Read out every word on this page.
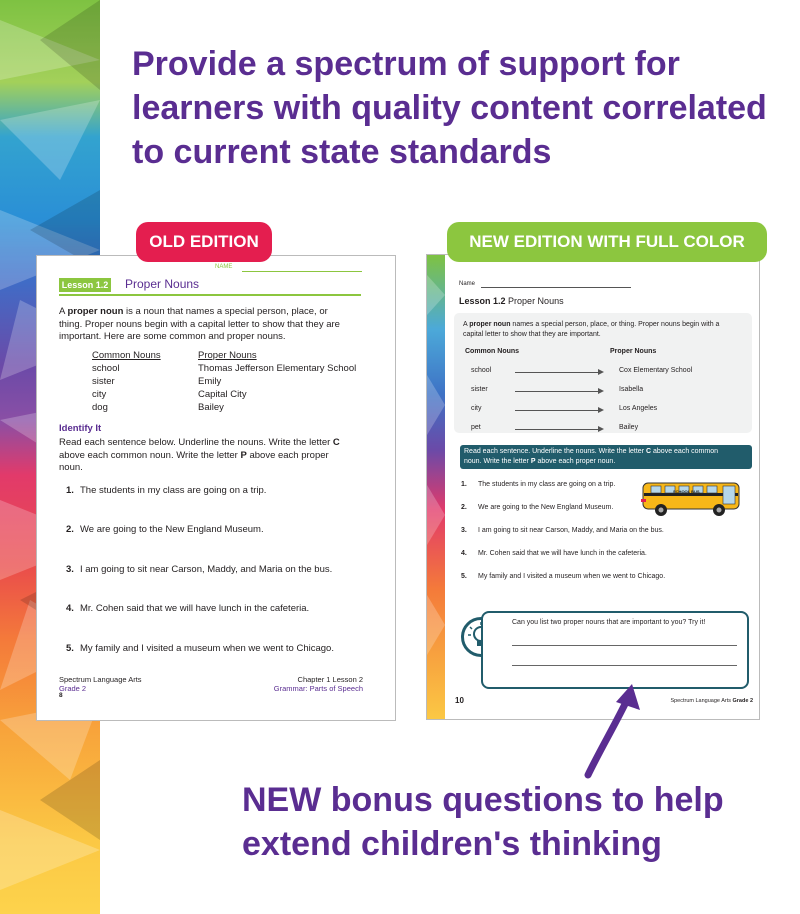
Provide a spectrum of support for learners with quality content correlated to current state standards
NAME
Lesson 1.2 Proper Nouns
A proper noun is a noun that names a special person, place, or
thing. Proper nouns begin with a capital letter to show that they are
important. Here are some common and proper nouns.
Common Nouns	Proper Nouns
school	Thomas Jefferson Elementary School
sister	Emily
city	Capital City
dog	Bailey
Identify It
Read each sentence below. Underline the nouns. Write the letter C
above each common noun. Write the letter P above each proper
noun.
1. The students in my class are going on a trip.
2. We are going to the New England Museum.
3. I am going to sit near Carson, Maddy, and Maria on the bus.
4. Mr. Cohen said that we will have lunch in the cafeteria.
5. My family and I visited a museum when we went to Chicago.
Spectrum Language Arts
Grade 2
8
Chapter 1 Lesson 2
Grammar: Parts of Speech
Name
Lesson 1.2 Proper Nouns
A proper noun names a special person, place, or thing. Proper nouns begin with a
capital letter to show that they are important.
Common Nouns	Proper Nouns
school	Cox Elementary School
sister	Isabella
city	Los Angeles
pet	Bailey
Read each sentence. Underline the nouns. Write the letter C above each common
noun. Write the letter P above each proper noun.
1. The students in my class are going on a trip.
2. We are going to the New England Museum.
3. I am going to sit near Carson, Maddy, and Maria on the bus.
4. Mr. Cohen said that we will have lunch in the cafeteria.
5. My family and I visited a museum when we went to Chicago.
SCHOOL BUS
Can you list two proper nouns that are important to you? Try it!
10	Spectrum Language Arts Grade 2
OLD EDITION	NEW EDITION WITH FULL COLOR
NEW bonus questions to help extend children's thinking
